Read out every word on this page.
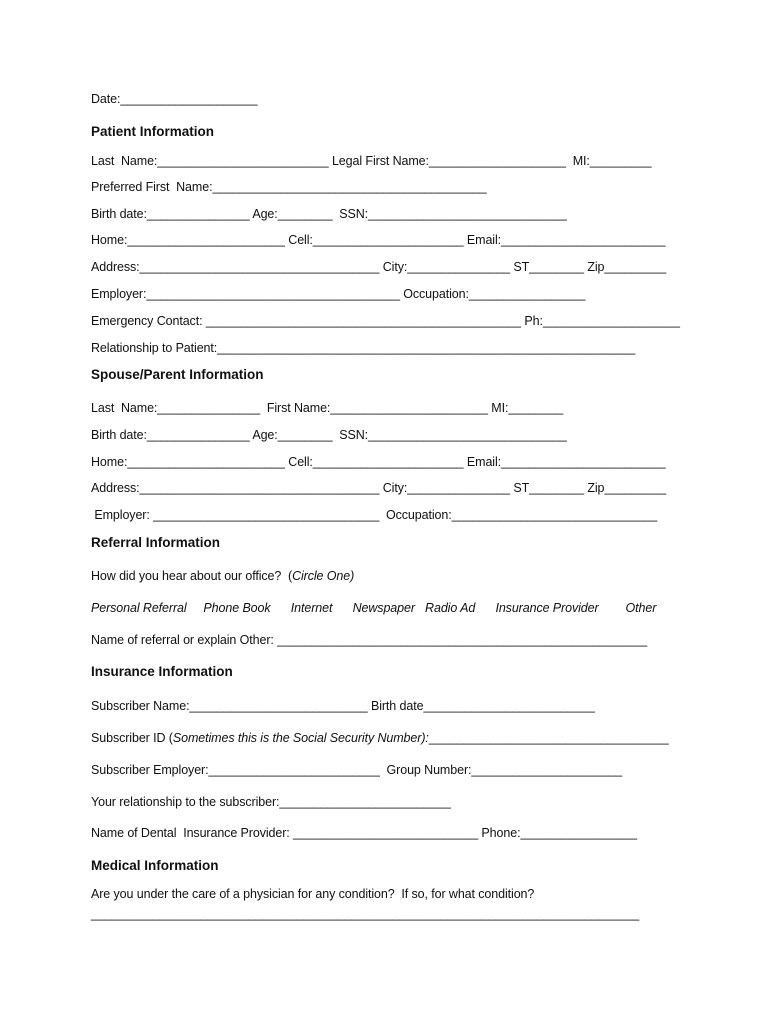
Date:____________________
Patient Information
Last  Name:_________________________ Legal First Name:____________________  MI:_________
Preferred First  Name:________________________________________
Birth date:_______________ Age:________  SSN:_____________________________
Home:_______________________ Cell:______________________ Email:________________________
Address:___________________________________ City:_______________ ST________ Zip_________
Employer:_____________________________________ Occupation:_________________
Emergency Contact: ______________________________________________ Ph:____________________
Relationship to Patient:_____________________________________________________________
Spouse/Parent Information
Last  Name:_______________  First Name:_______________________ MI:________
Birth date:_______________ Age:________  SSN:_____________________________
Home:_______________________ Cell:______________________ Email:________________________
Address:___________________________________ City:_______________ ST________ Zip_________
Employer: _________________________________  Occupation:______________________________
Referral Information
How did you hear about our office?  (Circle One)
Personal Referral     Phone Book      Internet      Newspaper   Radio Ad      Insurance Provider        Other
Name of referral or explain Other: ______________________________________________________
Insurance Information
Subscriber Name:__________________________ Birth date_________________________
Subscriber ID (Sometimes this is the Social Security Number):___________________________________
Subscriber Employer:_________________________  Group Number:______________________
Your relationship to the subscriber:_________________________
Name of Dental  Insurance Provider: ___________________________ Phone:_________________
Medical Information
Are you under the care of a physician for any condition?  If so, for what condition?
________________________________________________________________________________
